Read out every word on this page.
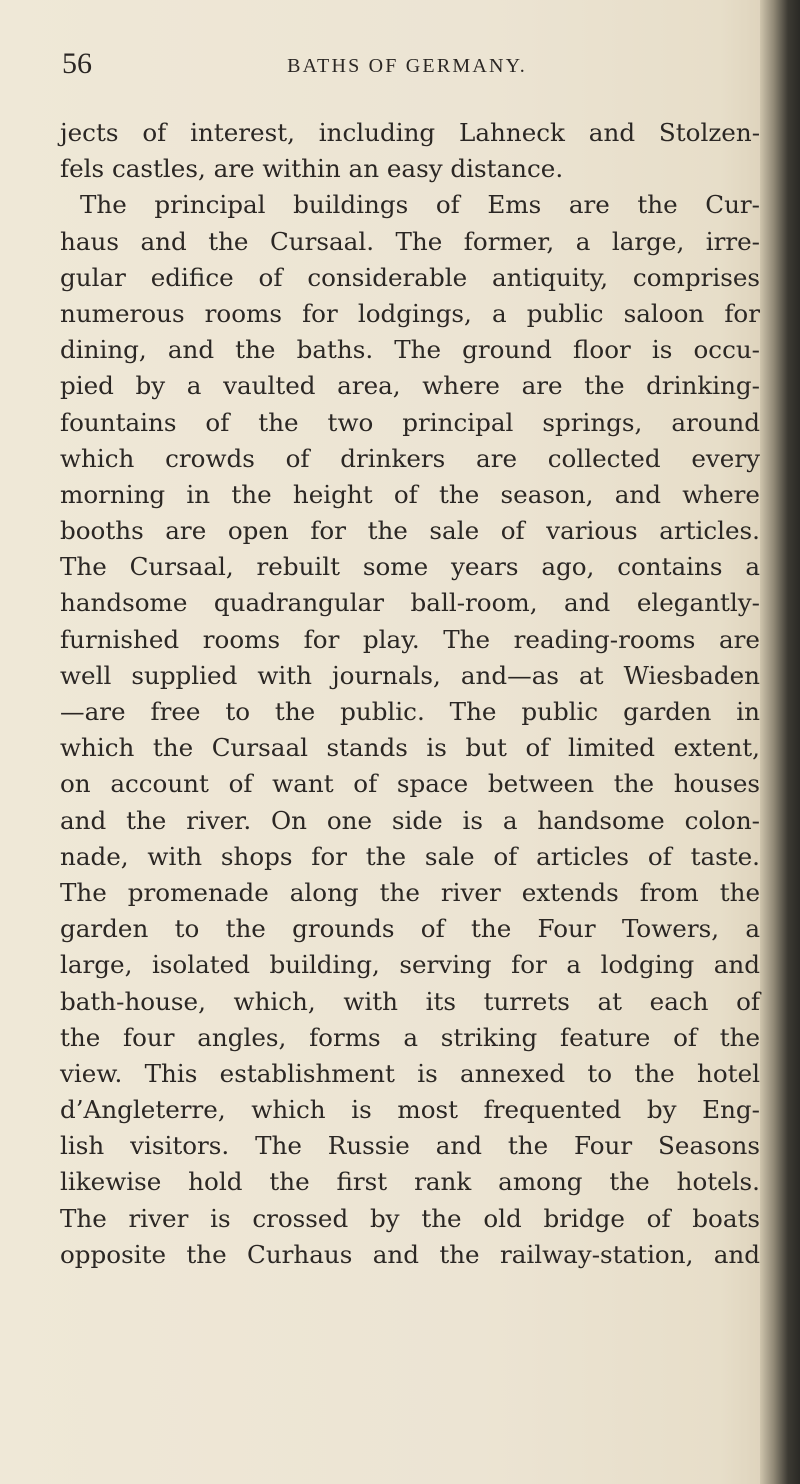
56	BATHS OF GERMANY.
jects of interest, including Lahneck and Stolzen-
fels castles, are within an easy distance.
The principal buildings of Ems are the Cur-
haus and the Cursaal. The former, a large, irre-
gular edifice of considerable antiquity, comprises
numerous rooms for lodgings, a public saloon for
dining, and the baths. The ground floor is occu-
pied by a vaulted area, where are the drinking-
fountains of the two principal springs, around
which crowds of drinkers are collected every
morning in the height of the season, and where
booths are open for the sale of various articles.
The Cursaal, rebuilt some years ago, contains a
handsome quadrangular ball-room, and elegantly-
furnished rooms for play. The reading-rooms are
well supplied with journals, and—as at Wiesbaden
—are free to the public. The public garden in
which the Cursaal stands is but of limited extent,
on account of want of space between the houses
and the river. On one side is a handsome colon-
nade, with shops for the sale of articles of taste.
The promenade along the river extends from the
garden to the grounds of the Four Towers, a
large, isolated building, serving for a lodging and
bath-house, which, with its turrets at each of
the four angles, forms a striking feature of the
view. This establishment is annexed to the hotel
d’Angleterre, which is most frequented by Eng-
lish visitors. The Russie and the Four Seasons
likewise hold the first rank among the hotels.
The river is crossed by the old bridge of boats
opposite the Curhaus and the railway-station, and
